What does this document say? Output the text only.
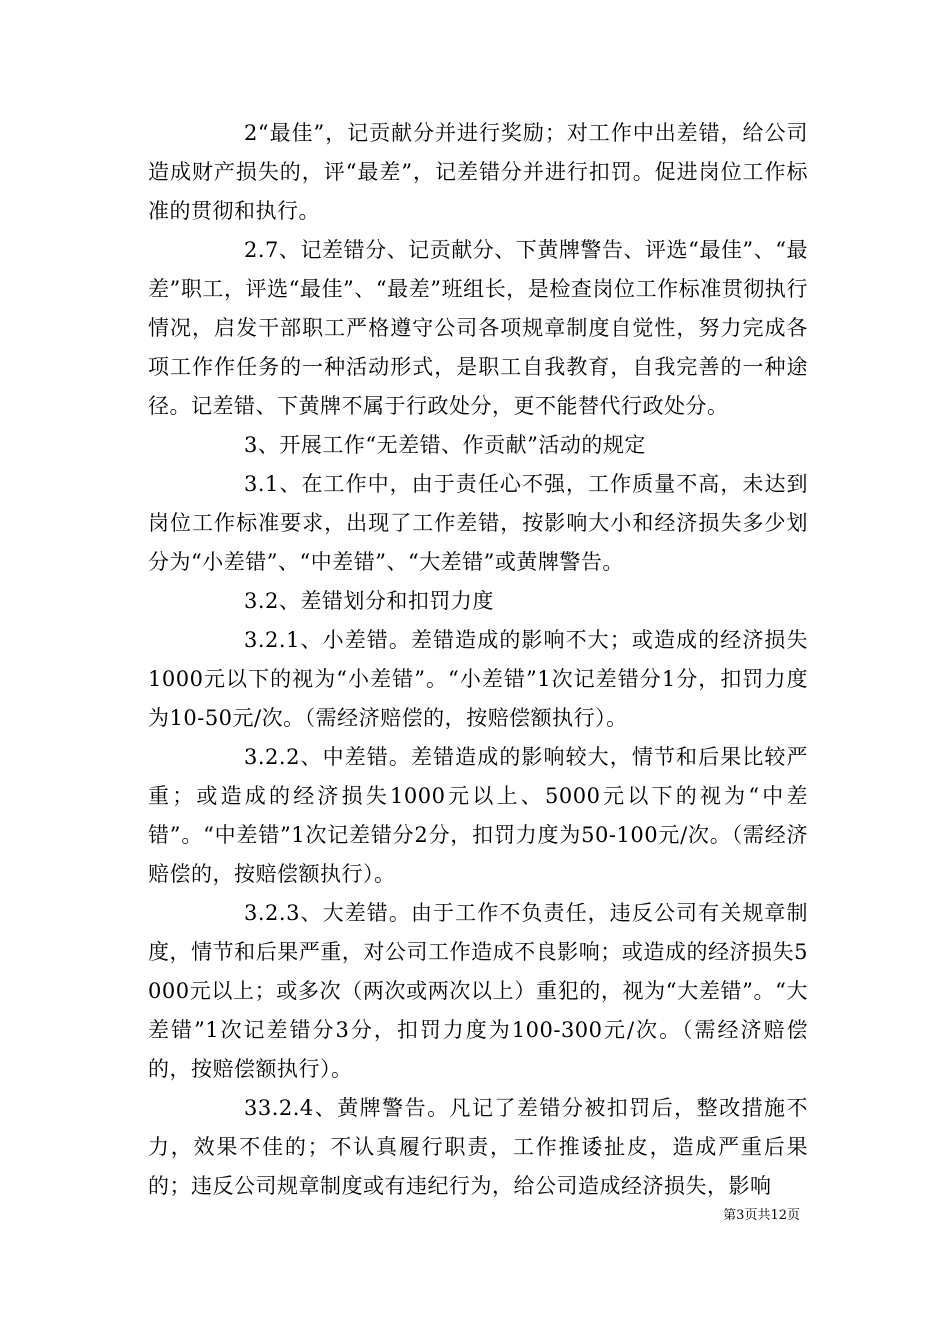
2“最佳”，记贡献分并进行奖励；对工作中出差错，给公司造成财产损失的，评“最差”，记差错分并进行扣罚。促进岗位工作标准的贯彻和执行。

2.7、记差错分、记贡献分、下黄牌警告、评选“最佳”、“最差”职工，评选“最佳”、“最差”班组长，是检查岗位工作标准贯彻执行情况，启发干部职工严格遵守公司各项规章制度自觉性，努力完成各项工作作任务的一种活动形式，是职工自我教育，自我完善的一种途径。记差错、下黄牌不属于行政处分，更不能替代行政处分。

3、开展工作“无差错、作贡献”活动的规定

3.1、在工作中，由于责任心不强，工作质量不高，未达到岗位工作标准要求，出现了工作差错，按影响大小和经济损失多少划分为“小差错”、“中差错”、“大差错”或黄牌警告。

3.2、差错划分和扣罚力度

3.2.1、小差错。差错造成的影响不大；或造成的经济损失1000元以下的视为“小差错”。“小差错”1次记差错分1分，扣罚力度为10-50元/次。（需经济赔偿的，按赔偿额执行）。

3.2.2、中差错。差错造成的影响较大，情节和后果比较严重；或造成的经济损失1000元以上、5000元以下的视为“中差错”。“中差错”1次记差错分2分，扣罚力度为50-100元/次。（需经济赔偿的，按赔偿额执行）。

3.2.3、大差错。由于工作不负责任，违反公司有关规章制度，情节和后果严重，对公司工作造成不良影响；或造成的经济损失5000元以上；或多次（两次或两次以上）重犯的，视为“大差错”。“大差错”1次记差错分3分，扣罚力度为100-300元/次。（需经济赔偿的，按赔偿额执行）。

33.2.4、黄牌警告。凡记了差错分被扣罚后，整改措施不力，效果不佳的；不认真履行职责，工作推诿扯皮，造成严重后果的；违反公司规章制度或有违纪行为，给公司造成经济损失，影响

第3页共12页
